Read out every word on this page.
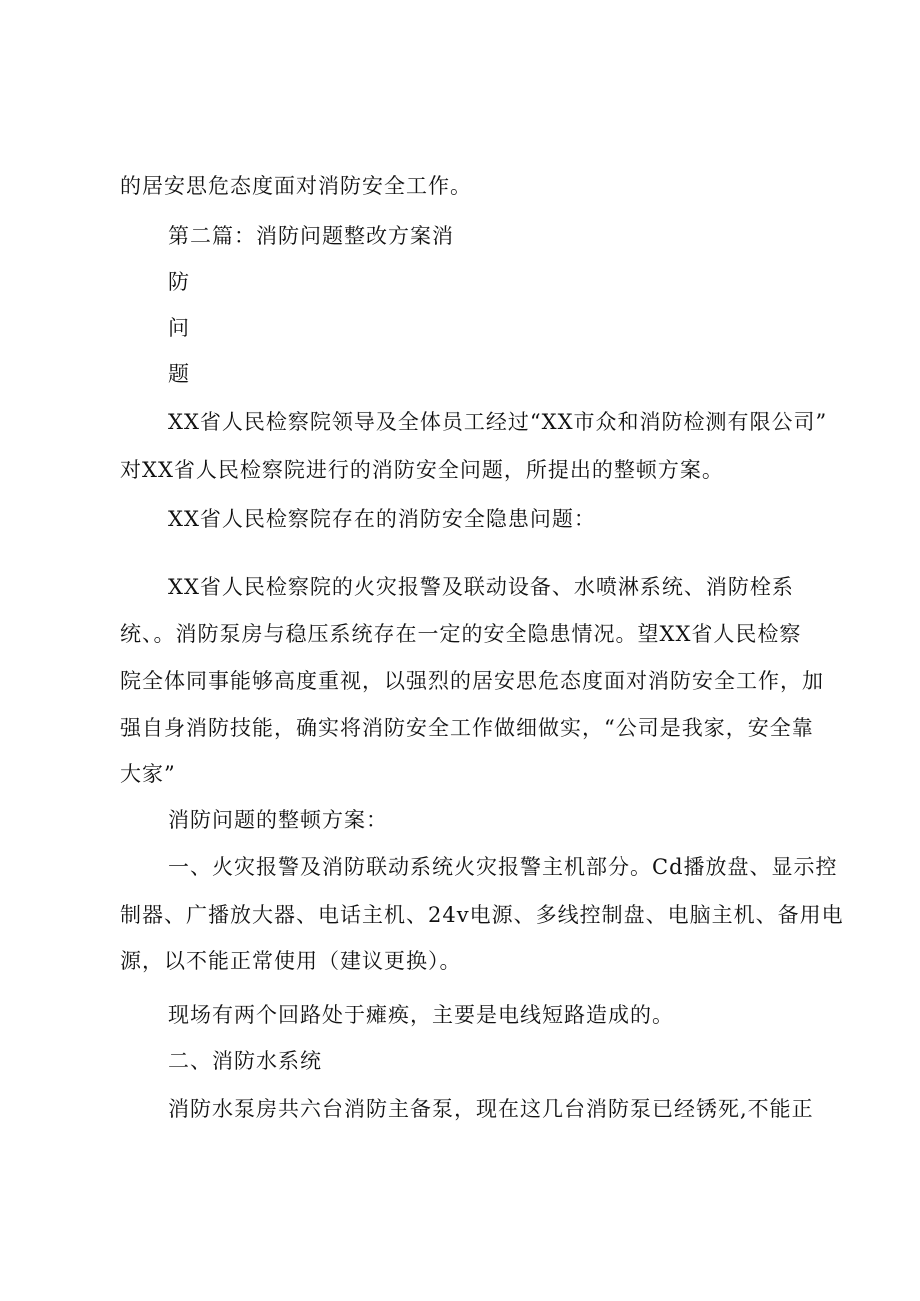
的居安思危态度面对消防安全工作。
第二篇：消防问题整改方案消
防
问
题
XX省人民检察院领导及全体员工经过“XX市众和消防检测有限公司”
对XX省人民检察院进行的消防安全问题，所提出的整顿方案。
XX省人民检察院存在的消防安全隐患问题：
XX省人民检察院的火灾报警及联动设备、水喷淋系统、消防栓系
统、。消防泵房与稳压系统存在一定的安全隐患情况。望XX省人民检察
院全体同事能够高度重视，以强烈的居安思危态度面对消防安全工作，加
强自身消防技能，确实将消防安全工作做细做实，“公司是我家，安全靠
大家”
消防问题的整顿方案：
一、火灾报警及消防联动系统火灾报警主机部分。Cd播放盘、显示控
制器、广播放大器、电话主机、24v电源、多线控制盘、电脑主机、备用电
源，以不能正常使用（建议更换）。
现场有两个回路处于瘫痪，主要是电线短路造成的。
二、消防水系统
消防水泵房共六台消防主备泵，现在这几台消防泵已经锈死,不能正
